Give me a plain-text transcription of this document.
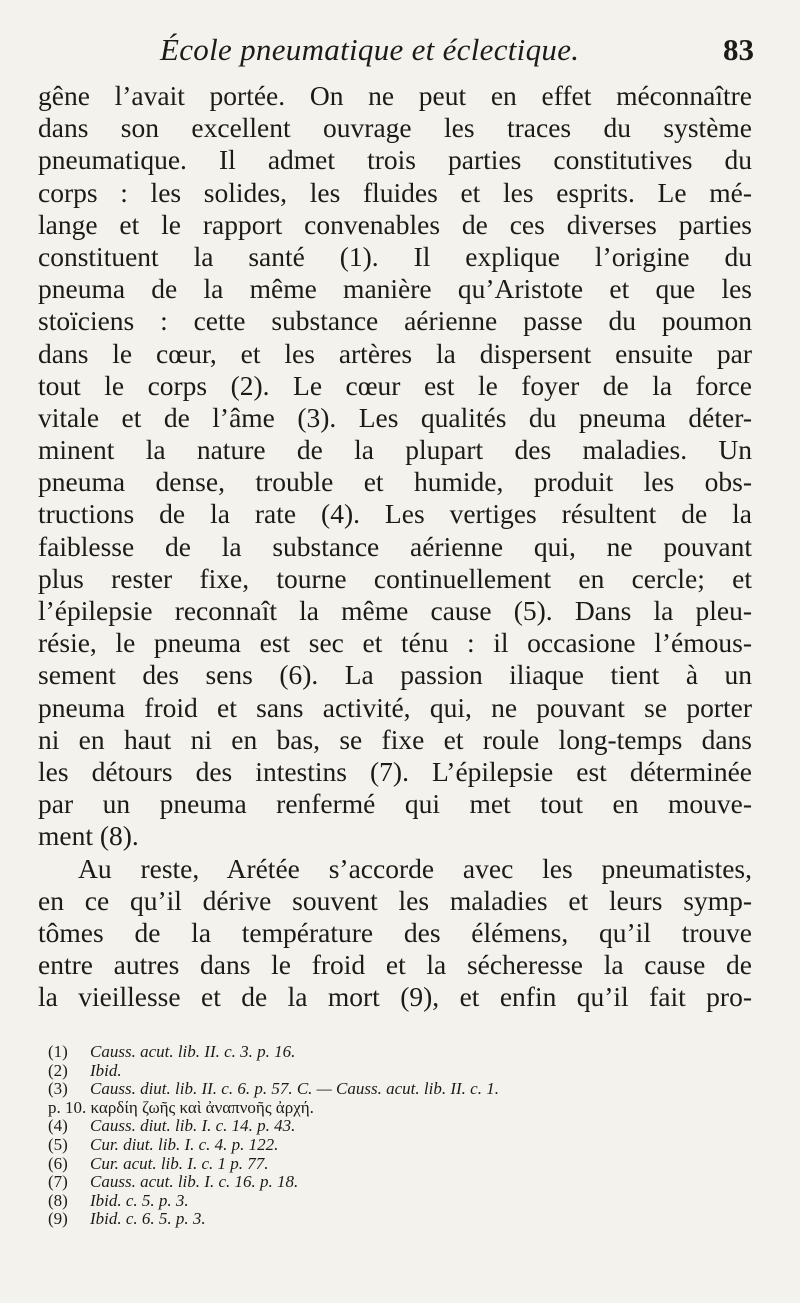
École pneumatique et éclectique.	83
gêne l’avait portée. On ne peut en effet méconnaître
dans son excellent ouvrage les traces du système
pneumatique. Il admet trois parties constitutives du
corps : les solides, les fluides et les esprits. Le mé-
lange et le rapport convenables de ces diverses parties
constituent la santé (1). Il explique l’origine du
pneuma de la même manière qu’Aristote et que les
stoïciens : cette substance aérienne passe du poumon
dans le cœur, et les artères la dispersent ensuite par
tout le corps (2). Le cœur est le foyer de la force
vitale et de l’âme (3). Les qualités du pneuma déter-
minent la nature de la plupart des maladies. Un
pneuma dense, trouble et humide, produit les obs-
tructions de la rate (4). Les vertiges résultent de la
faiblesse de la substance aérienne qui, ne pouvant
plus rester fixe, tourne continuellement en cercle; et
l’épilepsie reconnaît la même cause (5). Dans la pleu-
résie, le pneuma est sec et ténu : il occasione l’émous-
sement des sens (6). La passion iliaque tient à un
pneuma froid et sans activité, qui, ne pouvant se porter
ni en haut ni en bas, se fixe et roule long-temps dans
les détours des intestins (7). L’épilepsie est déterminée
par un pneuma renfermé qui met tout en mouve-
ment (8).
Au reste, Arétée s’accorde avec les pneumatistes,
en ce qu’il dérive souvent les maladies et leurs symp-
tômes de la température des élémens, qu’il trouve
entre autres dans le froid et la sécheresse la cause de
la vieillesse et de la mort (9), et enfin qu’il fait pro-
(1) Causs. acut. lib. II. c. 3. p. 16.
(2) Ibid.
(3) Causs. diut. lib. II. c. 6. p. 57. C. — Causs. acut. lib. II. c. 1.
p. 10. καρδίη ζωῆς καὶ ἀναπνοῆς ἀρχή.
(4) Causs. diut. lib. I. c. 14. p. 43.
(5) Cur. diut. lib. I. c. 4. p. 122.
(6) Cur. acut. lib. I. c. 1 p. 77.
(7) Causs. acut. lib. I. c. 16. p. 18.
(8) Ibid. c. 5. p. 3.
(9) Ibid. c. 6. 5. p. 3.
